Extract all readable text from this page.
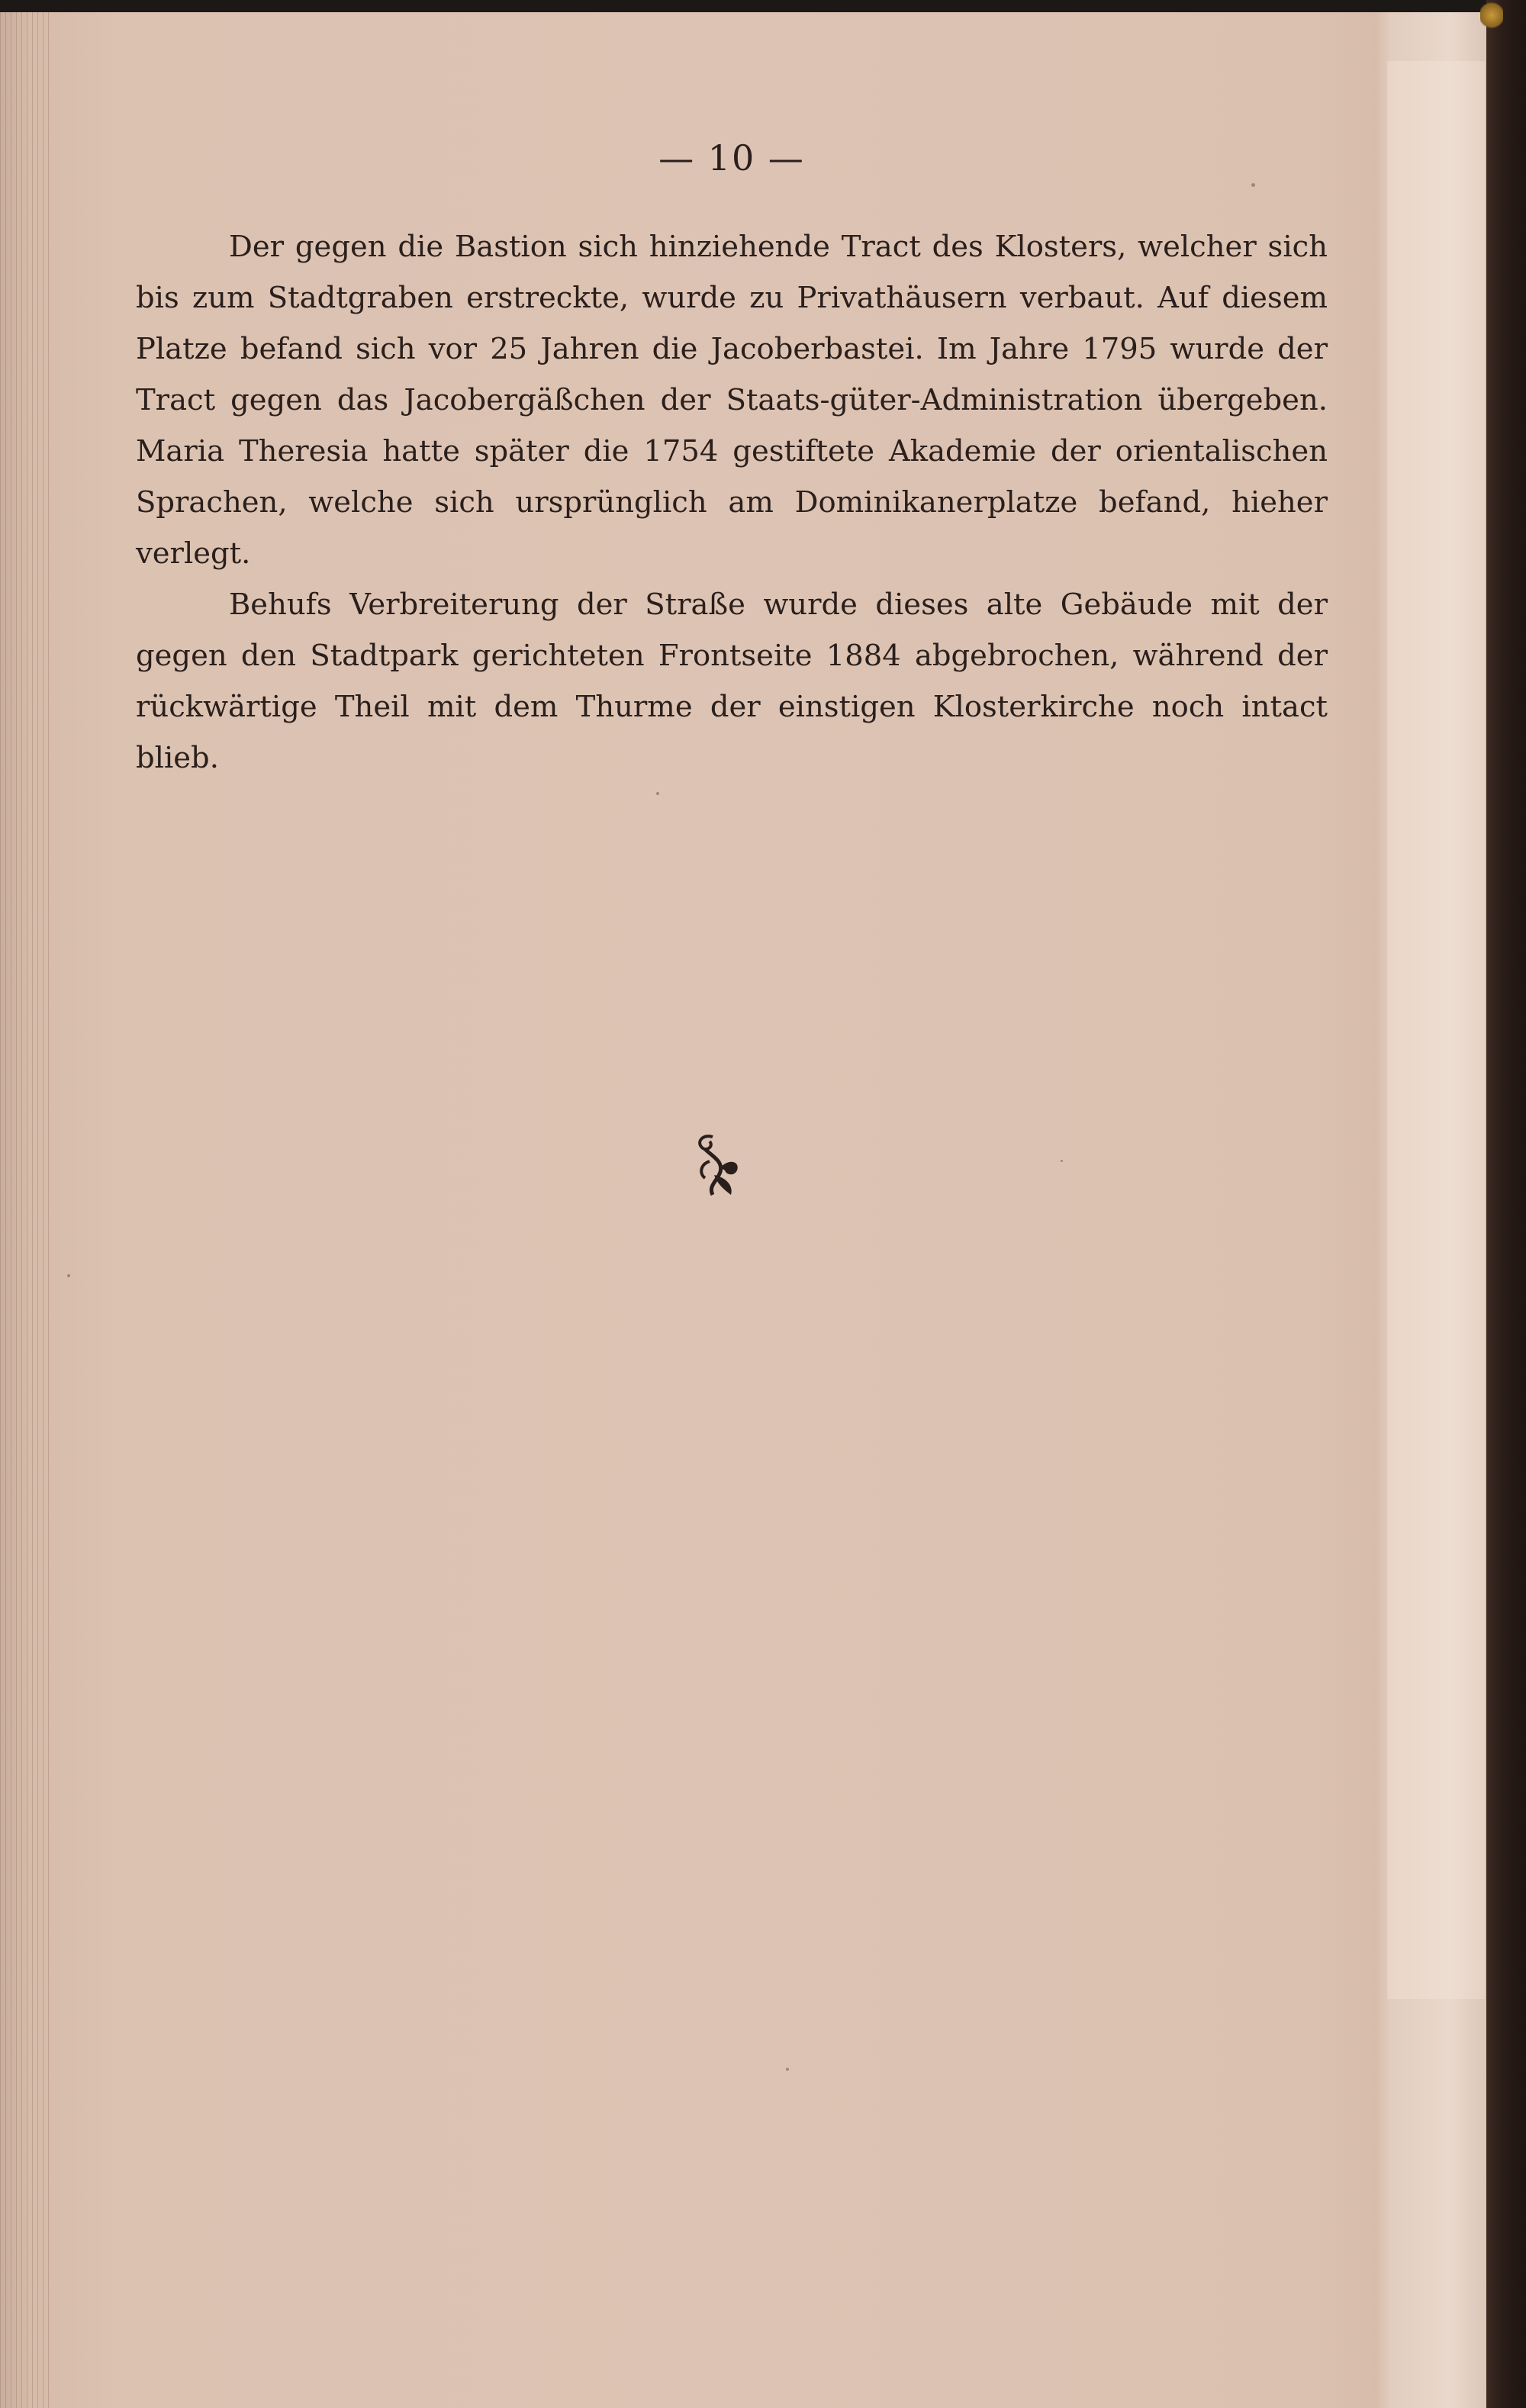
— 10 —

Der gegen die Bastion sich hinziehende Tract des Klosters, welcher sich bis zum Stadtgraben erstreckte, wurde zu Privathäusern verbaut. Auf diesem Platze befand sich vor 25 Jahren die Jacoberbastei. Im Jahre 1795 wurde der Tract gegen das Jacobergäßchen der Staats-güter-Administration übergeben. Maria Theresia hatte später die 1754 gestiftete Akademie der orientalischen Sprachen, welche sich ursprünglich am Dominikanerplatze befand, hieher verlegt.

Behufs Verbreiterung der Straße wurde dieses alte Gebäude mit der gegen den Stadtpark gerichteten Frontseite 1884 abgebrochen, während der rückwärtige Theil mit dem Thurme der einstigen Klosterkirche noch intact blieb.
